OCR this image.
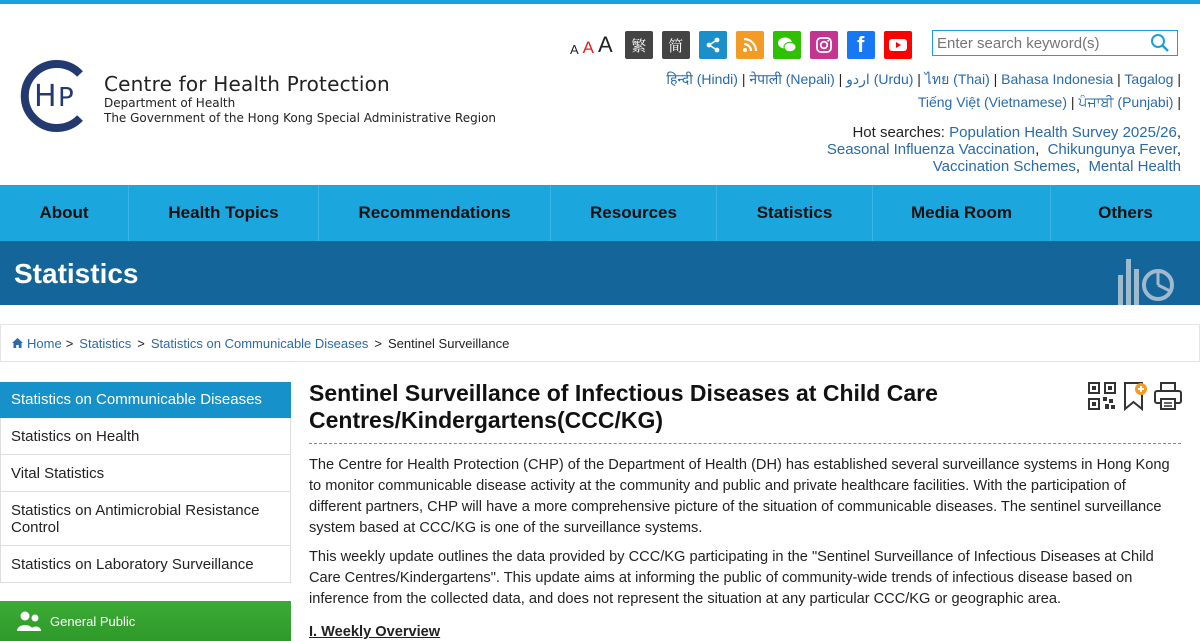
H P Centre for Health Protection
Department of Health
The Government of the Hong Kong Special Administrative Region
A A A	繁	简	f
Enter search keyword(s)
हिन्दी (Hindi) | नेपाली (Nepali) | اردو (Urdu) | ไทย (Thai) | Bahasa Indonesia | Tagalog |
Tiếng Việt (Vietnamese) | ਪੰਜਾਬੀ (Punjabi) |
Hot searches: Population Health Survey 2025/26,
Seasonal Influenza Vaccination,  Chikungunya Fever,
Vaccination Schemes,  Mental Health
About	Health Topics	Recommendations	Resources	Statistics	Media Room	Others
Statistics
Home > Statistics > Statistics on Communicable Diseases > Sentinel Surveillance
Statistics on Communicable Diseases
Statistics on Health
Vital Statistics
Statistics on Antimicrobial Resistance Control
Statistics on Laboratory Surveillance
General Public
Sentinel Surveillance of Infectious Diseases at Child Care Centres/Kindergartens(CCC/KG)

The Centre for Health Protection (CHP) of the Department of Health (DH) has established several surveillance systems in Hong Kong to monitor communicable disease activity at the community and public and private healthcare facilities. With the participation of different partners, CHP will have a more comprehensive picture of the situation of communicable diseases. The sentinel surveillance system based at CCC/KG is one of the surveillance systems.

This weekly update outlines the data provided by CCC/KG participating in the "Sentinel Surveillance of Infectious Diseases at Child Care Centres/Kindergartens". This update aims at informing the public of community-wide trends of infectious disease based on inference from the collected data, and does not represent the situation at any particular CCC/KG or geographic area.

I. Weekly Overview
